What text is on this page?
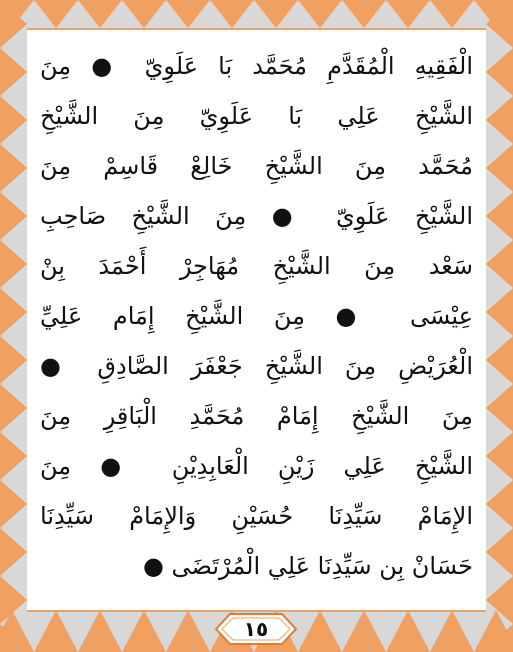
الْفَقِيهِ الْمُقَدَّمِ مُحَمَّد بَا عَلَوِيّ ● مِنَ
الشَّيْخِ عَلِي بَا عَلَوِيّ مِنَ الشَّيْخِ
مُحَمَّد مِنَ الشَّيْخِ خَالِعْ قَاسِمْ مِنَ
الشَّيْخِ عَلَوِيّ ● مِنَ الشَّيْخِ صَاحِبِ
سَعْد مِنَ الشَّيْخِ مُهَاجِرْ أَحْمَدَ بِنْ
عِيْسَى ● مِنَ الشَّيْخِ إِمَام عَلِيِّ
الْعُرَيْضِ مِنَ الشَّيْخِ جَعْفَرَ الصَّادِقِ ●
مِنَ الشَّيْخِ إِمَامْ مُحَمَّدِ الْبَاقِرِ مِنَ
الشَّيْخِ عَلِي زَيْنِ الْعَابِدِيْنِ ● مِنَ
الإِمَامْ سَيِّدِنَا حُسَيْنِ وَالإِمَامْ سَيِّدِنَا
حَسَانْ بِن سَيِّدِنَا عَلِي الْمُرْتَضَى ●
١٥
